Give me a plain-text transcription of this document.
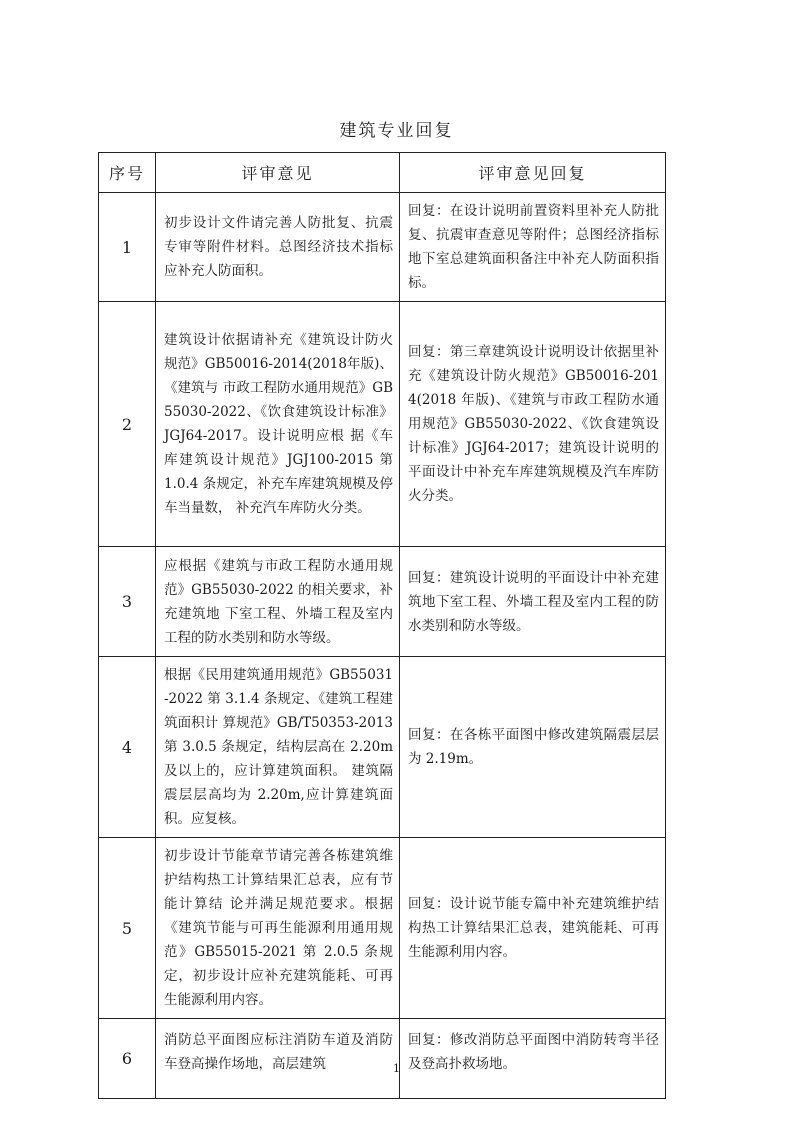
建筑专业回复
序号	评审意见	评审意见回复
1	初步设计文件请完善人防批复、抗震专审等附件材料。总图经济技术指标应补充人防面积。	回复：在设计说明前置资料里补充人防批复、抗震审查意见等附件；总图经济指标地下室总建筑面积备注中补充人防面积指标。
2	建筑设计依据请补充《建筑设计防火规范》GB50016-2014(2018年版)、《建筑与 市政工程防水通用规范》GB55030-2022、《饮食建筑设计标准》JGJ64-2017。设计说明应根 据《车库建筑设计规范》JGJ100-2015 第 1.0.4 条规定，补充车库建筑规模及停车当量数， 补充汽车库防火分类。	回复：第三章建筑设计说明设计依据里补充《建筑设计防火规范》GB50016-2014(2018 年版)、《建筑与市政工程防水通用规范》GB55030-2022、《饮食建筑设计标准》JGJ64-2017；建筑设计说明的平面设计中补充车库建筑规模及汽车库防火分类。
3	应根据《建筑与市政工程防水通用规范》GB55030-2022 的相关要求，补充建筑地 下室工程、外墙工程及室内工程的防水类别和防水等级。	回复：建筑设计说明的平面设计中补充建筑地下室工程、外墙工程及室内工程的防水类别和防水等级。
4	根据《民用建筑通用规范》GB55031-2022 第 3.1.4 条规定、《建筑工程建筑面积计 算规范》GB/T50353-2013 第 3.0.5 条规定，结构层高在 2.20m 及以上的，应计算建筑面积。 建筑隔震层层高均为 2.20m,应计算建筑面积。应复核。	回复：在各栋平面图中修改建筑隔震层层为 2.19m。
5	初步设计节能章节请完善各栋建筑维护结构热工计算结果汇总表，应有节能计算结 论并满足规范要求。根据《建筑节能与可再生能源利用通用规范》GB55015-2021 第 2.0.5 条规定，初步设计应补充建筑能耗、可再生能源利用内容。	回复：设计说节能专篇中补充建筑维护结构热工计算结果汇总表，建筑能耗、可再生能源利用内容。
6	消防总平面图应标注消防车道及消防车登高操作场地，高层建筑	回复：修改消防总平面图中消防转弯半径及登高扑救场地。
1
